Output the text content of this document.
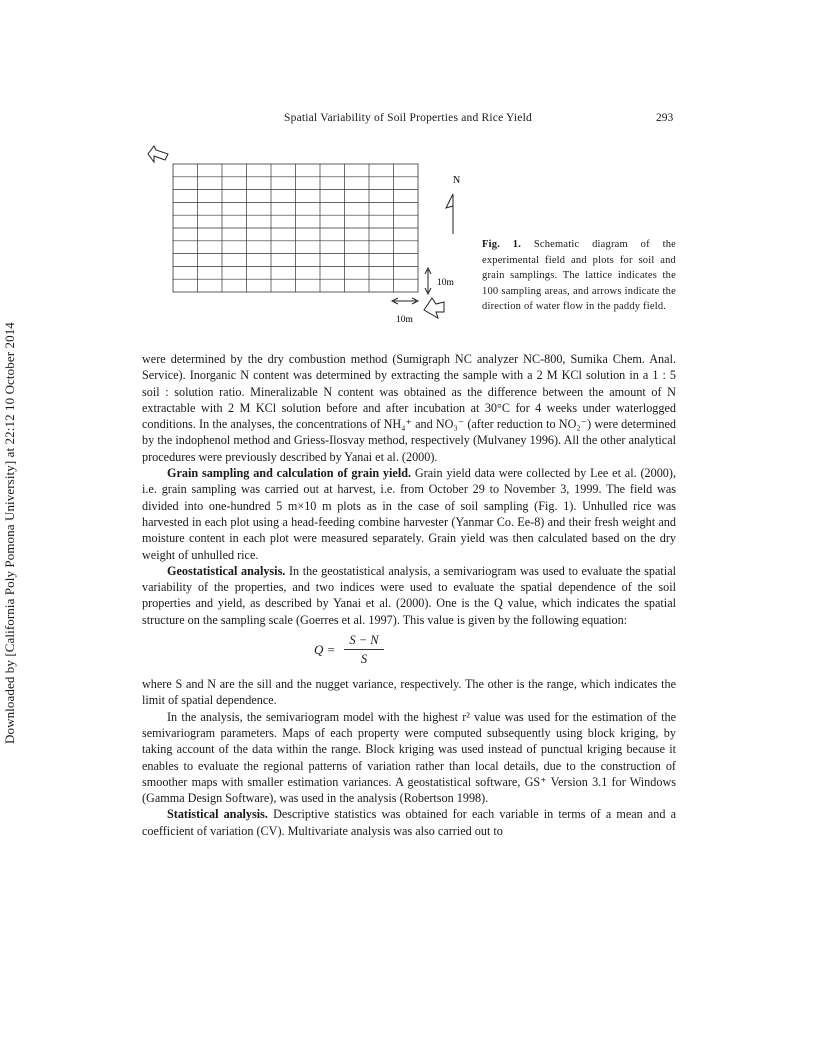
Spatial Variability of Soil Properties and Rice Yield	293
Downloaded by [California Poly Pomona University] at 22:12 10 October 2014
N
10m
10m
Fig. 1. Schematic diagram of the experimental field and plots for soil and grain samplings. The lattice indicates the 100 sampling areas, and arrows indicate the direction of water flow in the paddy field.

were determined by the dry combustion method (Sumigraph NC analyzer NC-800, Sumika Chem. Anal. Service). Inorganic N content was determined by extracting the sample with a 2 M KCl solution in a 1 : 5 soil : solution ratio. Mineralizable N content was obtained as the difference between the amount of N extractable with 2 M KCl solution before and after incubation at 30°C for 4 weeks under waterlogged conditions. In the analyses, the concentrations of NH₄⁺ and NO₃⁻ (after reduction to NO₂⁻) were determined by the indophenol method and Griess-Ilosvay method, respectively (Mulvaney 1996). All the other analytical procedures were previously described by Yanai et al. (2000).

Grain sampling and calculation of grain yield. Grain yield data were collected by Lee et al. (2000), i.e. grain sampling was carried out at harvest, i.e. from October 29 to November 3, 1999. The field was divided into one-hundred 5 m×10 m plots as in the case of soil sampling (Fig. 1). Unhulled rice was harvested in each plot using a head-feeding combine harvester (Yanmar Co. Ee-8) and their fresh weight and moisture content in each plot were measured separately. Grain yield was then calculated based on the dry weight of unhulled rice.

Geostatistical analysis. In the geostatistical analysis, a semivariogram was used to evaluate the spatial variability of the properties, and two indices were used to evaluate the spatial dependence of the soil properties and yield, as described by Yanai et al. (2000). One is the Q value, which indicates the spatial structure on the sampling scale (Goerres et al. 1997). This value is given by the following equation:

Q =
S − N
S

where S and N are the sill and the nugget variance, respectively. The other is the range, which indicates the limit of spatial dependence.

In the analysis, the semivariogram model with the highest r² value was used for the estimation of the semivariogram parameters. Maps of each property were computed subsequently using block kriging, by taking account of the data within the range. Block kriging was used instead of punctual kriging because it enables to evaluate the regional patterns of variation rather than local details, due to the construction of smoother maps with smaller estimation variances. A geostatistical software, GS⁺ Version 3.1 for Windows (Gamma Design Software), was used in the analysis (Robertson 1998).

Statistical analysis. Descriptive statistics was obtained for each variable in terms of a mean and a coefficient of variation (CV). Multivariate analysis was also carried out to
